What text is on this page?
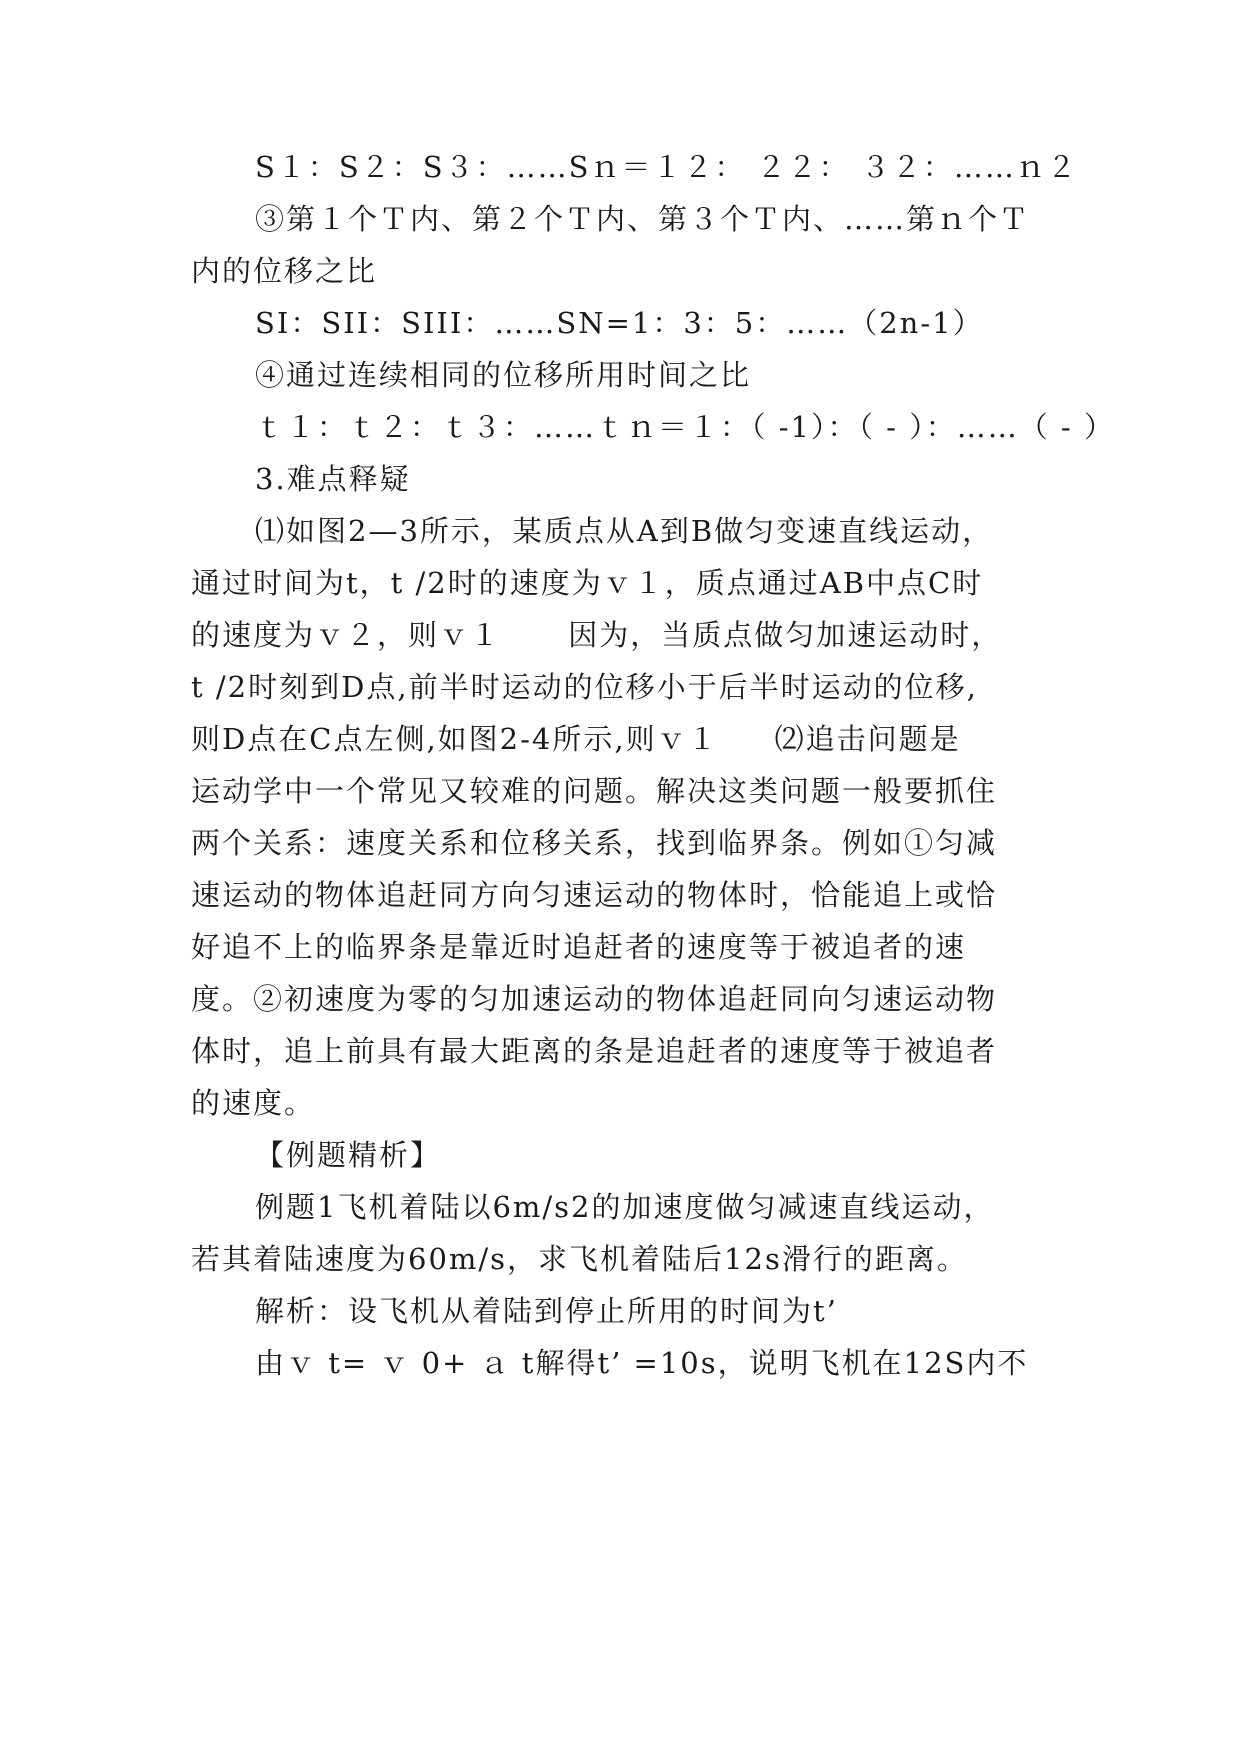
S１：S２：S３：……Sｎ＝１２： ２２： ３２：……ｎ２

③第１个Ｔ内、第２个Ｔ内、第３个Ｔ内、……第ｎ个Ｔ

内的位移之比

SI：SII：SIII：……SN=1：3：5：……（2n-1）

④通过连续相同的位移所用时间之比

ｔ１：ｔ２：ｔ３：……ｔｎ＝１：（ -1）：（ - ）：……（ - ）

3.难点释疑

⑴如图2—3所示，某质点从A到B做匀变速直线运动，

通过时间为t，t /2时的速度为ｖ１，质点通过AB中点C时

的速度为ｖ２，则ｖ１      因为，当质点做匀加速运动时，

t /2时刻到D点,前半时运动的位移小于后半时运动的位移,

则D点在C点左侧,如图2-4所示,则ｖ１     ⑵追击问题是

运动学中一个常见又较难的问题。解决这类问题一般要抓住

两个关系：速度关系和位移关系，找到临界条。例如①匀减

速运动的物体追赶同方向匀速运动的物体时，恰能追上或恰

好追不上的临界条是靠近时追赶者的速度等于被追者的速

度。②初速度为零的匀加速运动的物体追赶同向匀速运动物

体时，追上前具有最大距离的条是追赶者的速度等于被追者

的速度。

【例题精析】

例题1飞机着陆以6m/s2的加速度做匀减速直线运动，

若其着陆速度为60m/s，求飞机着陆后12s滑行的距离。

解析：设飞机从着陆到停止所用的时间为t’

由ｖ t= ｖ 0+ ａ t解得t’ =10s，说明飞机在12S内不
